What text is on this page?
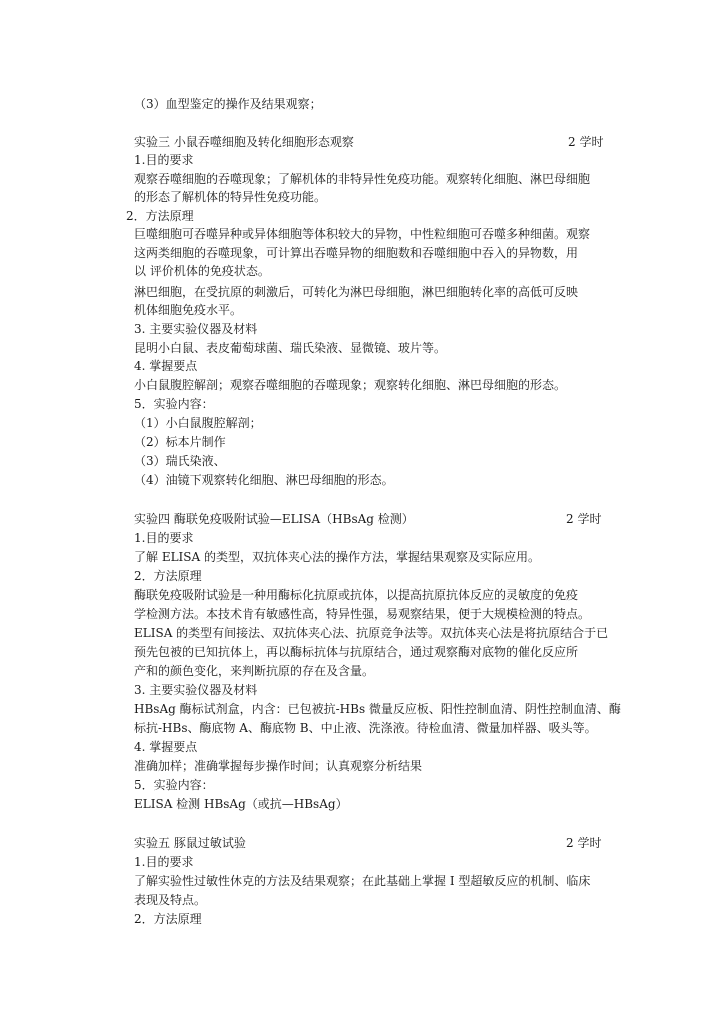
（3）血型鉴定的操作及结果观察；
实验三 小鼠吞噬细胞及转化细胞形态观察	2 学时
1.目的要求
观察吞噬细胞的吞噬现象；了解机体的非特异性免疫功能。观察转化细胞、淋巴母细胞
的形态了解机体的特异性免疫功能。
2．方法原理
巨噬细胞可吞噬异种或异体细胞等体积较大的异物，中性粒细胞可吞噬多种细菌。观察
这两类细胞的吞噬现象，可计算出吞噬异物的细胞数和吞噬细胞中吞入的异物数，用
以 评价机体的免疫状态。
淋巴细胞，在受抗原的刺激后，可转化为淋巴母细胞，淋巴细胞转化率的高低可反映
机体细胞免疫水平。
3. 主要实验仪器及材料
昆明小白鼠、表皮葡萄球菌、瑞氏染液、显微镜、玻片等。
4. 掌握要点
小白鼠腹腔解剖；观察吞噬细胞的吞噬现象；观察转化细胞、淋巴母细胞的形态。
5．实验内容：
（1）小白鼠腹腔解剖；
（2）标本片制作
（3）瑞氏染液、
（4）油镜下观察转化细胞、淋巴母细胞的形态。
实验四 酶联免疫吸附试验—ELISA（HBsAg 检测）	2 学时
1.目的要求
了解 ELISA 的类型，双抗体夹心法的操作方法，掌握结果观察及实际应用。
2．方法原理
酶联免疫吸附试验是一种用酶标化抗原或抗体，以提高抗原抗体反应的灵敏度的免疫
学检测方法。本技术肯有敏感性高，特异性强，易观察结果，便于大规模检测的特点。
ELISA 的类型有间接法、双抗体夹心法、抗原竞争法等。双抗体夹心法是将抗原结合于已
预先包被的已知抗体上，再以酶标抗体与抗原结合，通过观察酶对底物的催化反应所
产和的颜色变化，来判断抗原的存在及含量。
3. 主要实验仪器及材料
HBsAg 酶标试剂盒，内含：已包被抗-HBs 微量反应板、阳性控制血清、阴性控制血清、酶
标抗-HBs、酶底物 A、酶底物 B、中止液、洗涤液。待检血清、微量加样器、吸头等。
4. 掌握要点
准确加样；准确掌握每步操作时间；认真观察分析结果
5．实验内容：
ELISA 检测 HBsAg（或抗—HBsAg）
实验五 豚鼠过敏试验	2 学时
1.目的要求
了解实验性过敏性休克的方法及结果观察；在此基础上掌握 I 型超敏反应的机制、临床
表现及特点。
2．方法原理
